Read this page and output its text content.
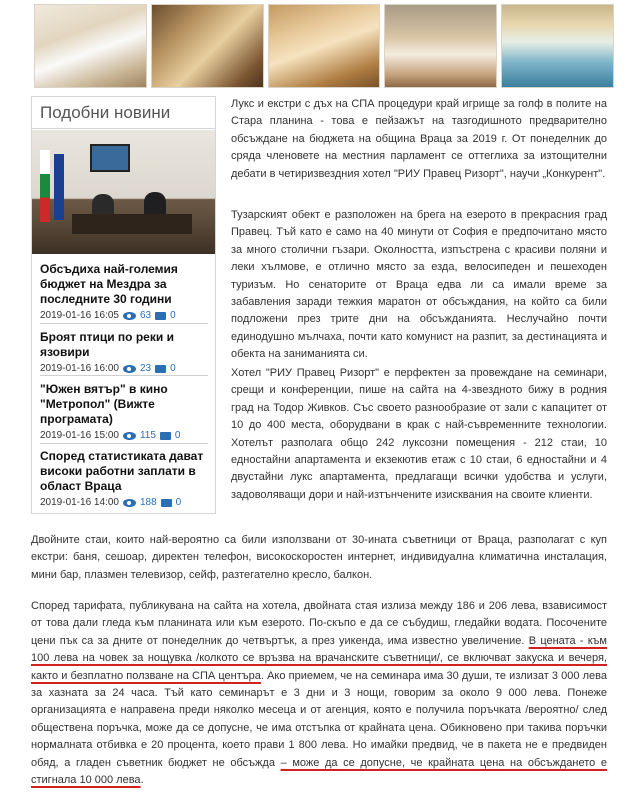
Подобни новини
Обсъдиха най-големия бюджет на Мездра за последните 30 години
2019-01-16 16:05 63 0
Броят птици по реки и язовири
2019-01-16 16:00 23 0
"Южен вятър" в кино "Метропол" (Вижте програмата)
2019-01-16 15:00 115 0
Според статистиката дават високи работни заплати в област Враца
2019-01-16 14:00 188 0

Лукс и екстри с дъх на СПА процедури край игрище за голф в полите на Стара планина - това е пейзажът на тазгодишното предварително обсъждане на бюджета на община Враца за 2019 г. От понеделник до сряда членовете на местния парламент се оттеглиха за изтощителни дебати в четиризвездния хотел "РИУ Правец Ризорт", научи „Конкурент".

Тузарският обект е разположен на брега на езерото в прекрасния град Правец. Тъй като е само на 40 минути от София е предпочитано място за много столични гъзари. Околността, изпъстрена с красиви поляни и леки хълмове, е отлично място за езда, велосипеден и пешеходен туризъм. Но сенаторите от Враца едва ли са имали време за забавления заради тежкия маратон от обсъждания, на който са били подложени през трите дни на обсъжданията. Неслучайно почти единодушно мълчаха, почти като комунист на разпит, за дестинацията и обекта на заниманията си.

Хотел "РИУ Правец Ризорт" е перфектен за провеждане на семинари, срещи и конференции, пише на сайта на 4-звездното бижу в родния град на Тодор Живков. Със своето разнообразие от зали с капацитет от 10 до 400 места, оборудвани в крак с най-съвременните технологии. Хотелът разполага общо 242 луксозни помещения - 212 стаи, 10 едностайни апартамента и екзекютив етаж с 10 стаи, 6 едностайни и 4 двустайни лукс апартамента, предлагащи всички удобства и услуги, задоволяващи дори и най-изтънчените изисквания на своите клиенти.

Двойните стаи, които най-вероятно са били използвани от 30-ината съветници от Враца, разполагат с куп екстри: баня, сешоар, директен телефон, високоскоростен интернет, индивидуална климатична инсталация, мини бар, плазмен телевизор, сейф, разтегателно кресло, балкон.

Според тарифата, публикувана на сайта на хотела, двойната стая излиза между 186 и 206 лева, взависимост от това дали гледа към планината или към езерото. По-скъпо е да се събудиш, гледайки водата. Посочените цени пък са за дните от понеделник до четвъртък, а през уикенда, има известно увеличение. В цената - към 100 лева на човек за нощувка /колкото се връзва на врачанските съветници/, се включват закуска и вечеря, както и безплатно ползване на СПА центъра. Ако приемем, че на семинара има 30 души, те излизат 3 000 лева за хазната за 24 часа. Тъй като семинарът е 3 дни и 3 нощи, говорим за около 9 000 лева. Понеже организацията е направена преди няколко месеца и от агенция, която е получила поръчката /вероятно/ след обществена поръчка, може да се допусне, че има отстъпка от крайната цена. Обикновено при такива поръчки нормалната отбивка е 20 процента, което прави 1 800 лева. Но имайки предвид, че в пакета не е предвиден обяд, а гладен съветник бюджет не обсъжда – може да се допусне, че крайната цена на обсъждането е стигнала 10 000 лева.
